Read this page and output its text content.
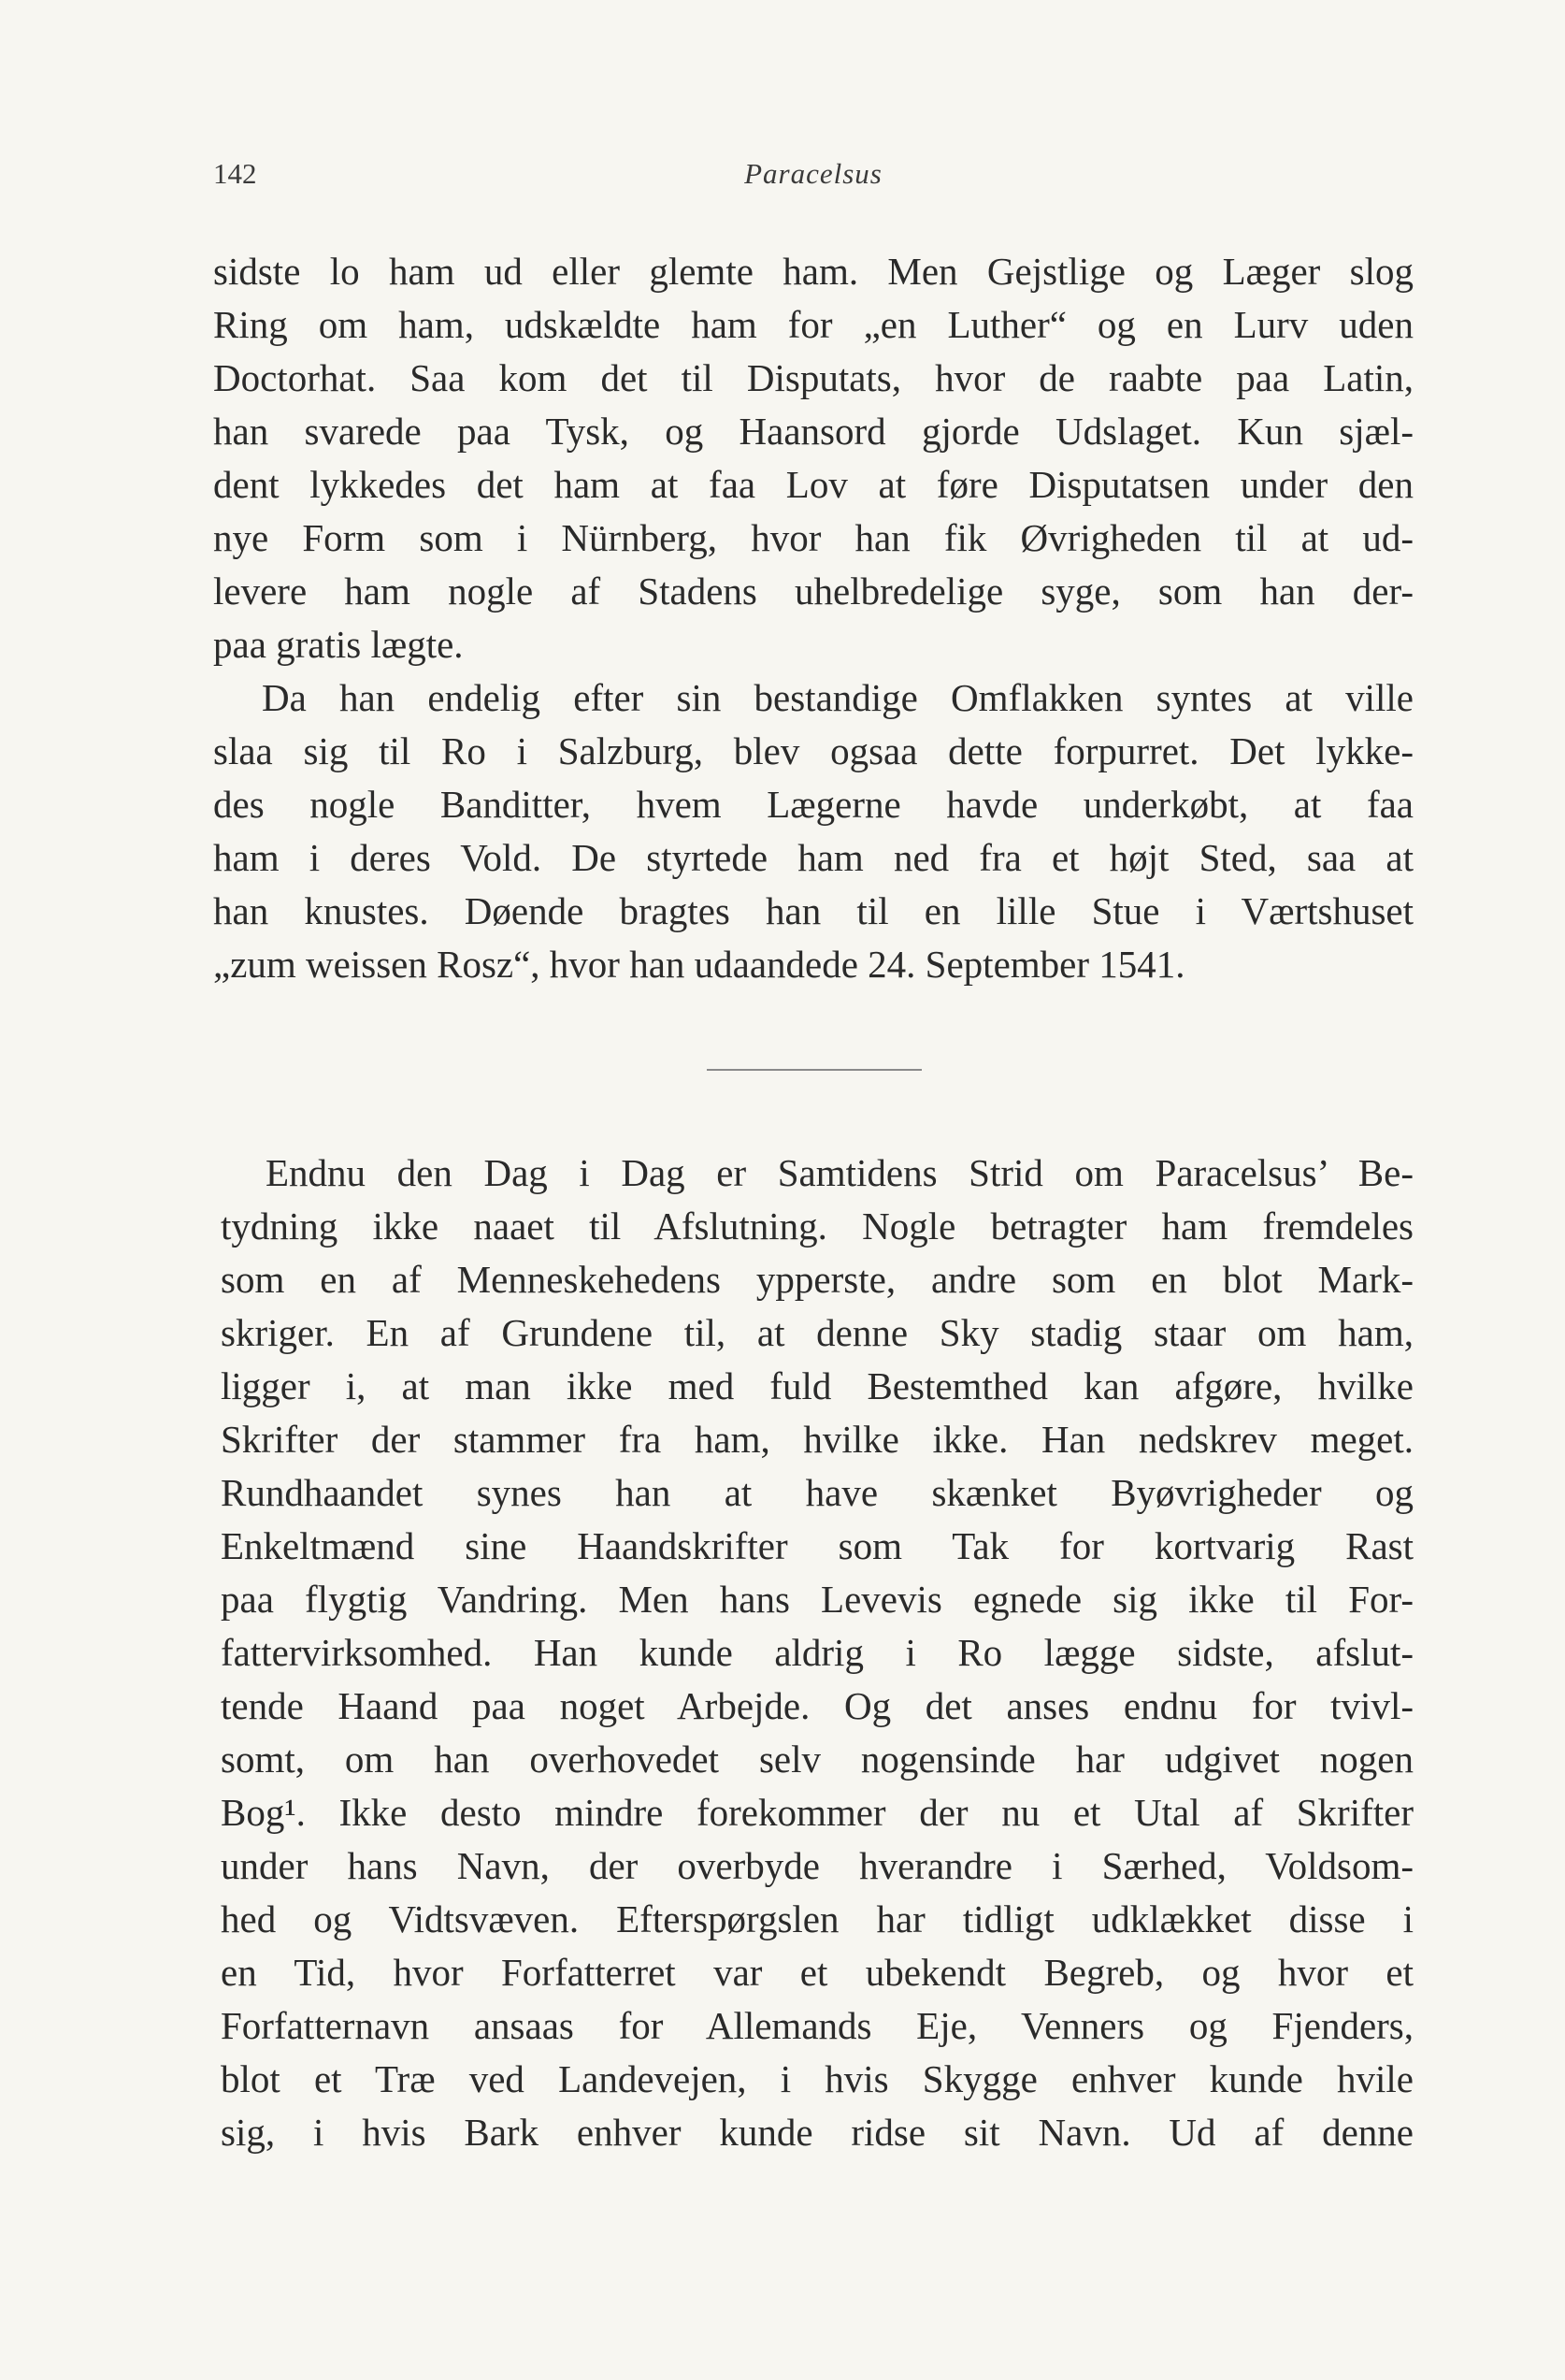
142	Paracelsus
sidste lo ham ud eller glemte ham. Men Gejstlige og Læger slog
Ring om ham, udskældte ham for „en Luther“ og en Lurv uden
Doctorhat. Saa kom det til Disputats, hvor de raabte paa Latin,
han svarede paa Tysk, og Haansord gjorde Udslaget. Kun sjæl-
dent lykkedes det ham at faa Lov at føre Disputatsen under den
nye Form som i Nürnberg, hvor han fik Øvrigheden til at ud-
levere ham nogle af Stadens uhelbredelige syge, som han der-
paa gratis lægte.
Da han endelig efter sin bestandige Omflakken syntes at ville
slaa sig til Ro i Salzburg, blev ogsaa dette forpurret. Det lykke-
des nogle Banditter, hvem Lægerne havde underkøbt, at faa
ham i deres Vold. De styrtede ham ned fra et højt Sted, saa at
han knustes. Døende bragtes han til en lille Stue i Værtshuset
„zum weissen Rosz“, hvor han udaandede 24. September 1541.
Endnu den Dag i Dag er Samtidens Strid om Paracelsus’ Be-
tydning ikke naaet til Afslutning. Nogle betragter ham fremdeles
som en af Menneskehedens ypperste, andre som en blot Mark-
skriger. En af Grundene til, at denne Sky stadig staar om ham,
ligger i, at man ikke med fuld Bestemthed kan afgøre, hvilke
Skrifter der stammer fra ham, hvilke ikke. Han nedskrev meget.
Rundhaandet synes han at have skænket Byøvrigheder og
Enkeltmænd sine Haandskrifter som Tak for kortvarig Rast
paa flygtig Vandring. Men hans Levevis egnede sig ikke til For-
fattervirksomhed. Han kunde aldrig i Ro lægge sidste, afslut-
tende Haand paa noget Arbejde. Og det anses endnu for tvivl-
somt, om han overhovedet selv nogensinde har udgivet nogen
Bog¹. Ikke desto mindre forekommer der nu et Utal af Skrifter
under hans Navn, der overbyde hverandre i Særhed, Voldsom-
hed og Vidtsvæven. Efterspørgslen har tidligt udklækket disse i
en Tid, hvor Forfatterret var et ubekendt Begreb, og hvor et
Forfatternavn ansaas for Allemands Eje, Venners og Fjenders,
blot et Træ ved Landevejen, i hvis Skygge enhver kunde hvile
sig, i hvis Bark enhver kunde ridse sit Navn. Ud af denne
